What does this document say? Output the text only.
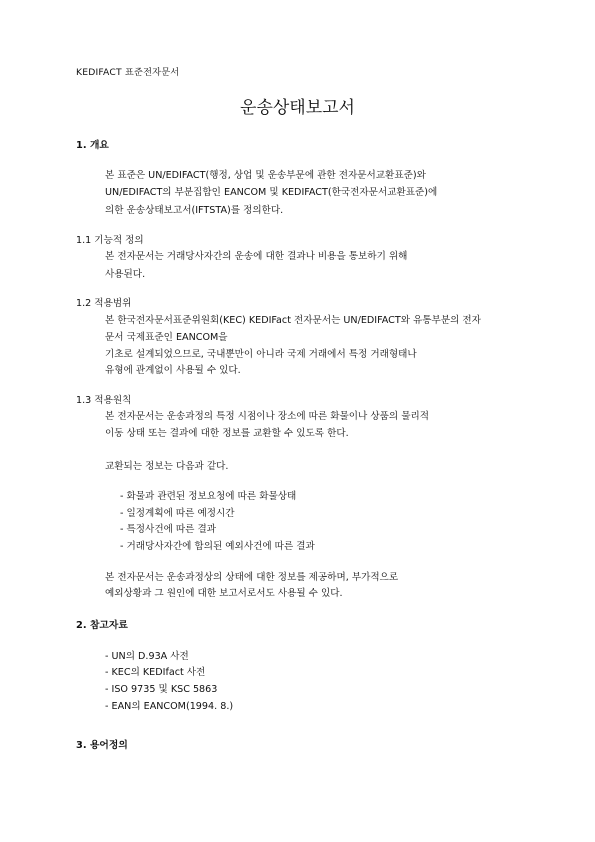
KEDIFACT 표준전자문서
운송상태보고서
1. 개요
본 표준은 UN/EDIFACT(행정, 상업 및 운송부문에 관한 전자문서교환표준)와
UN/EDIFACT의 부분집합인 EANCOM 및 KEDIFACT(한국전자문서교환표준)에
의한 운송상태보고서(IFTSTA)를 정의한다.
1.1 기능적 정의
본 전자문서는 거래당사자간의 운송에 대한 결과나 비용을 통보하기 위해
사용된다.
1.2 적용범위
본 한국전자문서표준위원회(KEC) KEDIFact 전자문서는 UN/EDIFACT와 유통부분의 전자
문서 국제표준인 EANCOM을
기초로 설계되었으므로, 국내뿐만이 아니라 국제 거래에서 특정 거래형태나
유형에 관계없이 사용될 수 있다.
1.3 적용원칙
본 전자문서는 운송과정의 특정 시점이나 장소에 따른 화물이나 상품의 물리적
이동 상태 또는 결과에 대한 정보를 교환할 수 있도록 한다.
교환되는 정보는 다음과 같다.
- 화물과 관련된 정보요청에 따른 화물상태
- 일정계획에 따른 예정시간
- 특정사건에 따른 결과
- 거래당사자간에 합의된 예외사건에 따른 결과
본 전자문서는 운송과정상의 상태에 대한 정보를 제공하며, 부가적으로
예외상황과 그 원인에 대한 보고서로서도 사용될 수 있다.
2. 참고자료
- UN의 D.93A 사전
- KEC의 KEDIfact 사전
- ISO 9735 및 KSC 5863
- EAN의 EANCOM(1994. 8.)
3. 용어정의
